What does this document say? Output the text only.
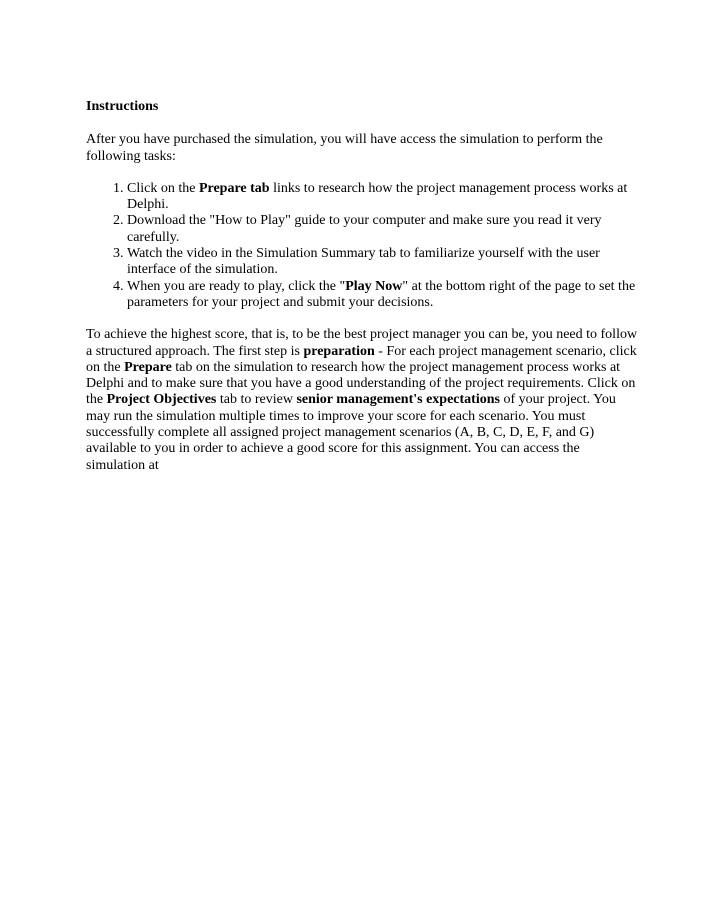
Instructions

After you have purchased the simulation, you will have access the simulation to perform the following tasks:

1. Click on the Prepare tab links to research how the project management process works at Delphi.
2. Download the "How to Play" guide to your computer and make sure you read it very carefully.
3. Watch the video in the Simulation Summary tab to familiarize yourself with the user interface of the simulation.
4. When you are ready to play, click the "Play Now" at the bottom right of the page to set the parameters for your project and submit your decisions.

To achieve the highest score, that is, to be the best project manager you can be, you need to follow a structured approach. The first step is preparation - For each project management scenario, click on the Prepare tab on the simulation to research how the project management process works at Delphi and to make sure that you have a good understanding of the project requirements. Click on the Project Objectives tab to review senior management's expectations of your project. You may run the simulation multiple times to improve your score for each scenario. You must successfully complete all assigned project management scenarios (A, B, C, D, E, F, and G) available to you in order to achieve a good score for this assignment. You can access the simulation at
